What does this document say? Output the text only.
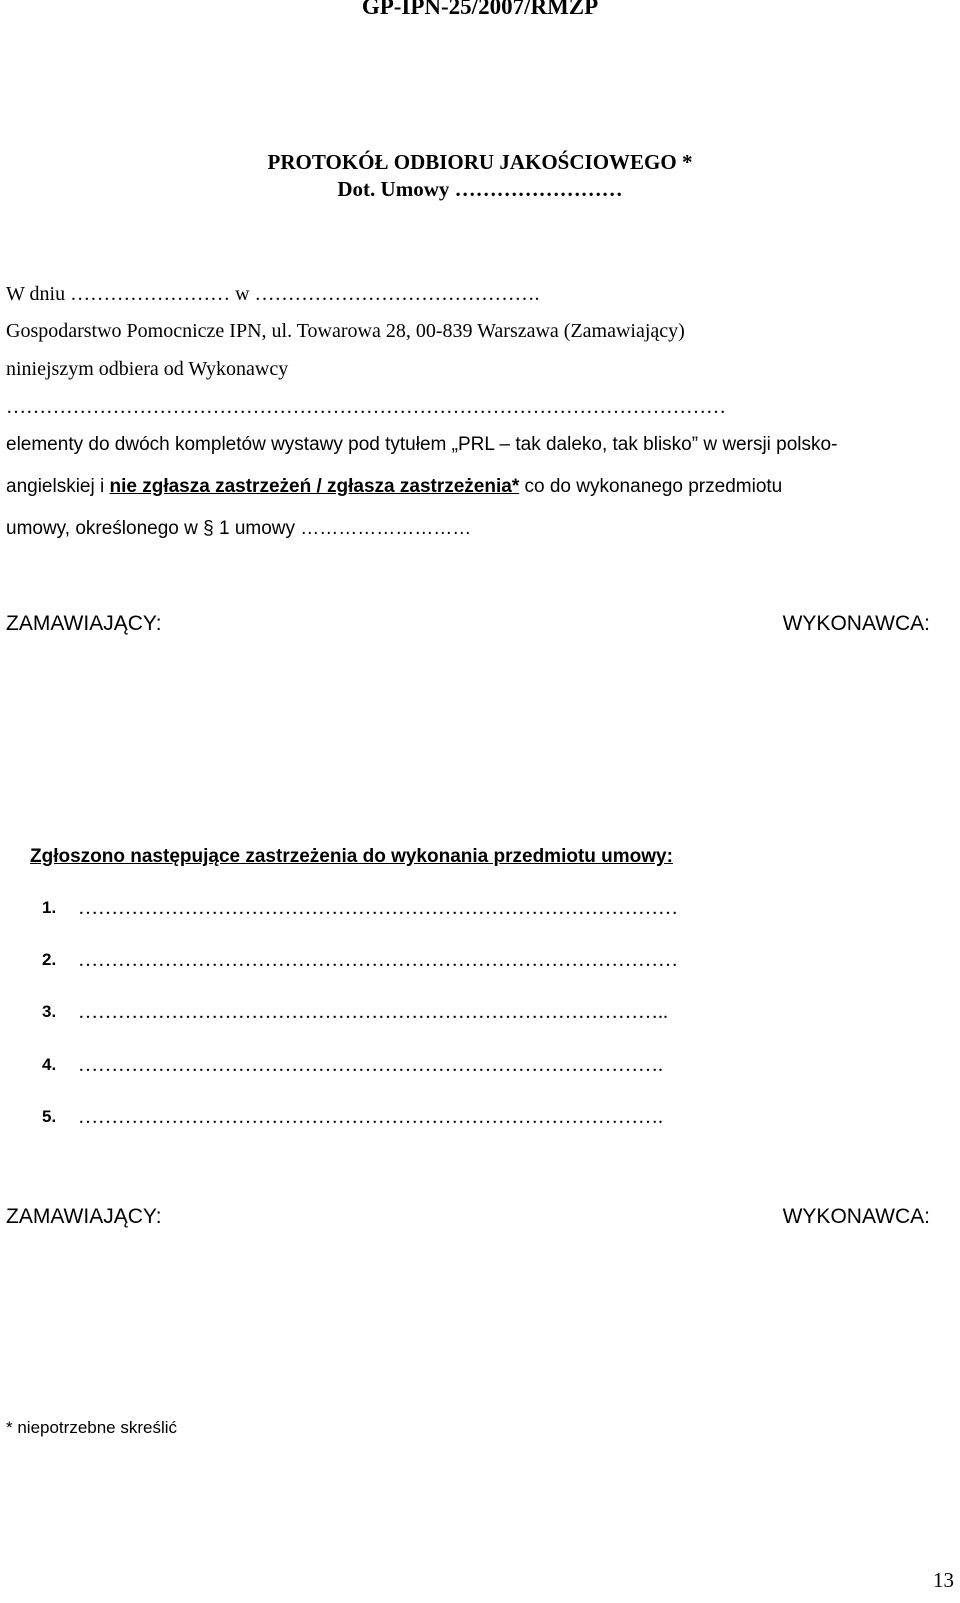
GP-IPN-25/2007/RMZP
PROTOKÓŁ ODBIORU JAKOŚCIOWEGO *
Dot. Umowy ……………………
W dniu …………………… w …………………………………….
Gospodarstwo Pomocnicze IPN, ul. Towarowa 28, 00-839 Warszawa (Zamawiający)
niniejszym odbiera od Wykonawcy
………………………………………………………………………………………………
elementy do dwóch kompletów wystawy pod tytułem „PRL – tak daleko, tak blisko” w wersji polsko-
angielskiej i nie zgłasza zastrzeżeń / zgłasza zastrzeżenia* co do wykonanego przedmiotu
umowy, określonego w § 1 umowy ………………………
ZAMAWIAJĄCY:	WYKONAWCA:
Zgłoszono następujące zastrzeżenia do wykonania przedmiotu umowy:
1. ………………………………………………………………………………
2. ………………………………………………………………………………
3. ……………………………………………………………………………..
4. …………………………………………………………………………….
5. …………………………………………………………………………….
ZAMAWIAJĄCY:	WYKONAWCA:
* niepotrzebne skreślić
13
